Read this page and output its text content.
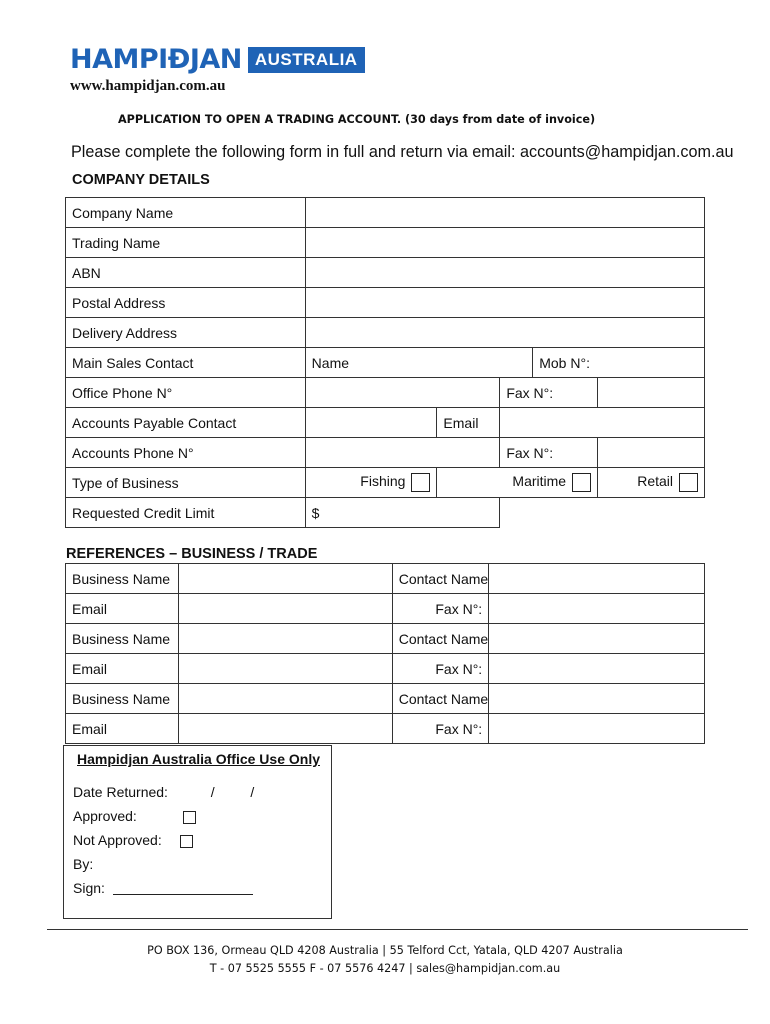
HAMPIÐJAN AUSTRALIA
www.hampidjan.com.au
APPLICATION TO OPEN A TRADING ACCOUNT. (30 days from date of invoice)
Please complete the following form in full and return via email: accounts@hampidjan.com.au
COMPANY DETAILS
Company Name					
Trading Name					
ABN					
Postal Address					
Delivery Address					
Main Sales Contact	Name			Mob N°:	
Office Phone N°			Fax N°:		
Accounts Payable Contact		Email			
Accounts Phone N°			Fax N°:		
Type of Business	Fishing	Maritime			Retail
Requested Credit Limit	$				
REFERENCES – BUSINESS / TRADE
Business Name		Contact Name	
Email		Fax N°:	
Business Name		Contact Name	
Email		Fax N°:	
Business Name		Contact Name	
Email		Fax N°:	
Hampidjan Australia Office Use Only
Date Returned:	/	/
Approved:
Not Approved:
By:
Sign:
PO BOX 136, Ormeau QLD 4208 Australia | 55 Telford Cct, Yatala, QLD 4207 Australia
T - 07 5525 5555 F - 07 5576 4247 | sales@hampidjan.com.au
